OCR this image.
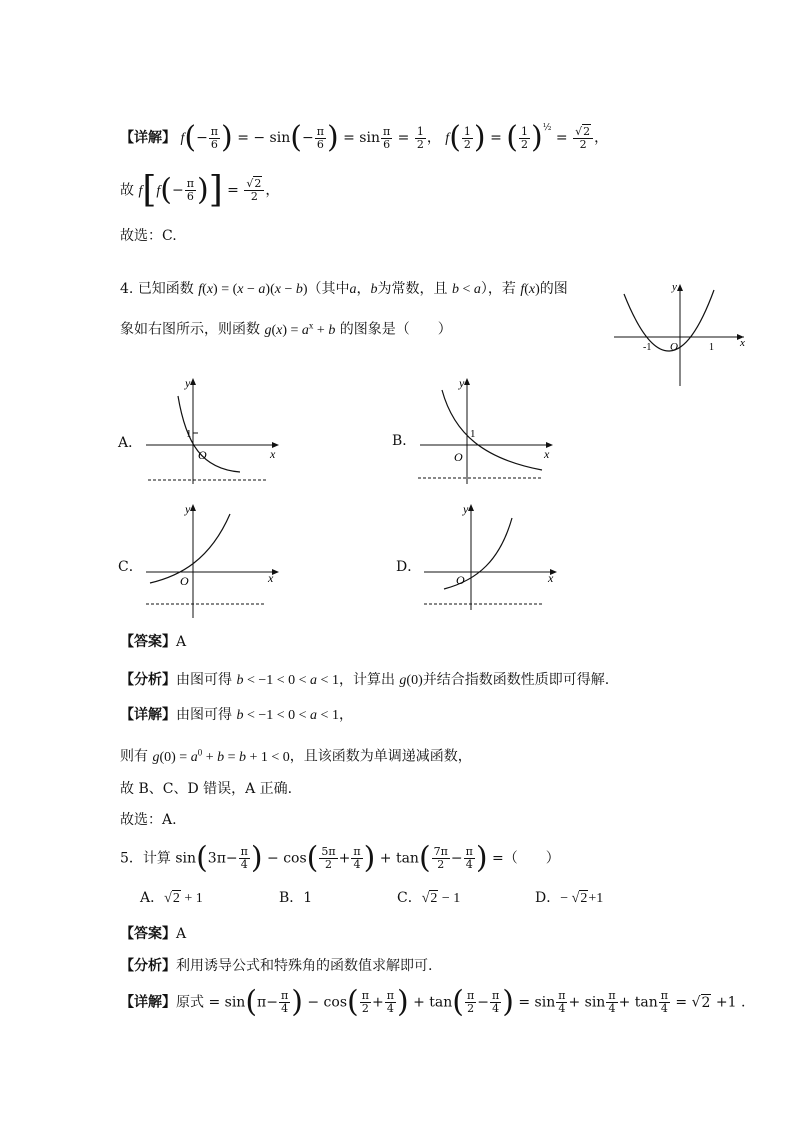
【详解】 $f(- \frac{\pi}{6}$ ) = − $\sin(- \frac{\pi}{6}$ ) = $\sin \frac{\pi}{6} = \frac{1}{2}$ ， $f( \frac{1}{2}$ ) = ( $\frac{1}{2} )^{\frac{1}{2}} = \frac{√2}{2}$ ，
故 $f[f(- \frac{\pi}{6}$ )] = $\frac{√2}{2}$ ，
故选：C.
4. 已知函数 f(x) = (x − a)(x − b)（其中a，b为常数，且 b < a），若 f(x)的图
象如右图所示，则函数 $g(x) = a^x + b$ 的图象是（　　）
x
y
O
-1	1
A．
x
y
O
1	B．
x
y
O
1
C．
x
y
O
D．
x
y
O
【答案】A
【分析】由图可得 b < −1 < 0 < a < 1，计算出 g(0)并结合指数函数性质即可得解.
【详解】由图可得 b < −1 < 0 < a < 1，
则有 $g(0) = a^0 + b = b + 1 < 0$，且该函数为单调递减函数，
故 B、C、D 错误，A 正确.
故选：A.
5．计算 $\sin(3\pi- \frac{\pi}{4}$ ) − $\cos( \frac{5\pi}{2} + \frac{\pi}{4}$ ) + $\tan( \frac{7\pi}{2} - \frac{\pi}{4}$ ) =（　　）
A．√2 + 1	B．1	C．√2 − 1	D．− √2+1
【答案】A
【分析】利用诱导公式和特殊角的函数值求解即可.
【详解】原式 = $\sin(\pi- \frac{\pi}{4}$ ) − $\cos( \frac{\pi}{2} + \frac{\pi}{4}$ ) + $\tan( \frac{\pi}{2} - \frac{\pi}{4}$ ) = $\sin \frac{\pi}{4} + \sin \frac{\pi}{4} + \tan \frac{\pi}{4} = √2 +1$ .
